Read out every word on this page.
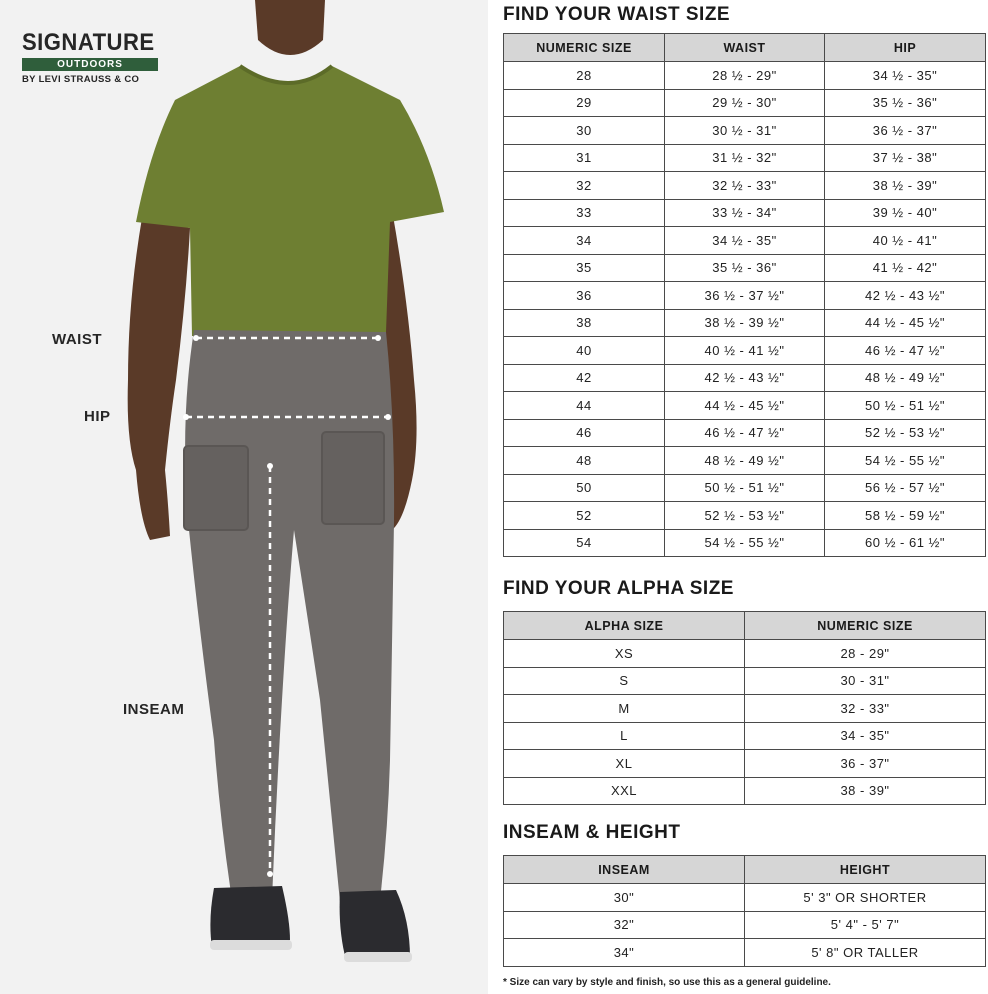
SIGNATURE
OUTDOORS
BY LEVI STRAUSS & CO
WAIST
HIP
INSEAM
FIND YOUR WAIST SIZE
NUMERIC SIZE	WAIST	HIP
28	28 ½ - 29"	34 ½ - 35"
29	29 ½ - 30"	35 ½ - 36"
30	30 ½ - 31"	36 ½ - 37"
31	31 ½ - 32"	37 ½ - 38"
32	32 ½ - 33"	38 ½ - 39"
33	33 ½ - 34"	39 ½ - 40"
34	34 ½ - 35"	40 ½ - 41"
35	35 ½ - 36"	41 ½ - 42"
36	36 ½ - 37 ½"	42 ½ - 43 ½"
38	38 ½ - 39 ½"	44 ½ - 45 ½"
40	40 ½ - 41 ½"	46 ½ - 47 ½"
42	42 ½ - 43 ½"	48 ½ - 49 ½"
44	44 ½ - 45 ½"	50 ½ - 51 ½"
46	46 ½ - 47 ½"	52 ½ - 53 ½"
48	48 ½ - 49 ½"	54 ½ - 55 ½"
50	50 ½ - 51 ½"	56 ½ - 57 ½"
52	52 ½ - 53 ½"	58 ½ - 59 ½"
54	54 ½ - 55 ½"	60 ½ - 61 ½"
FIND YOUR ALPHA SIZE
ALPHA SIZE	NUMERIC SIZE
XS	28 - 29"
S	30 - 31"
M	32 - 33"
L	34 - 35"
XL	36 - 37"
XXL	38 - 39"
INSEAM & HEIGHT
INSEAM	HEIGHT
30"	5' 3" OR SHORTER
32"	5' 4" - 5' 7"
34"	5' 8" OR TALLER
* Size can vary by style and finish, so use this as a general guideline.
